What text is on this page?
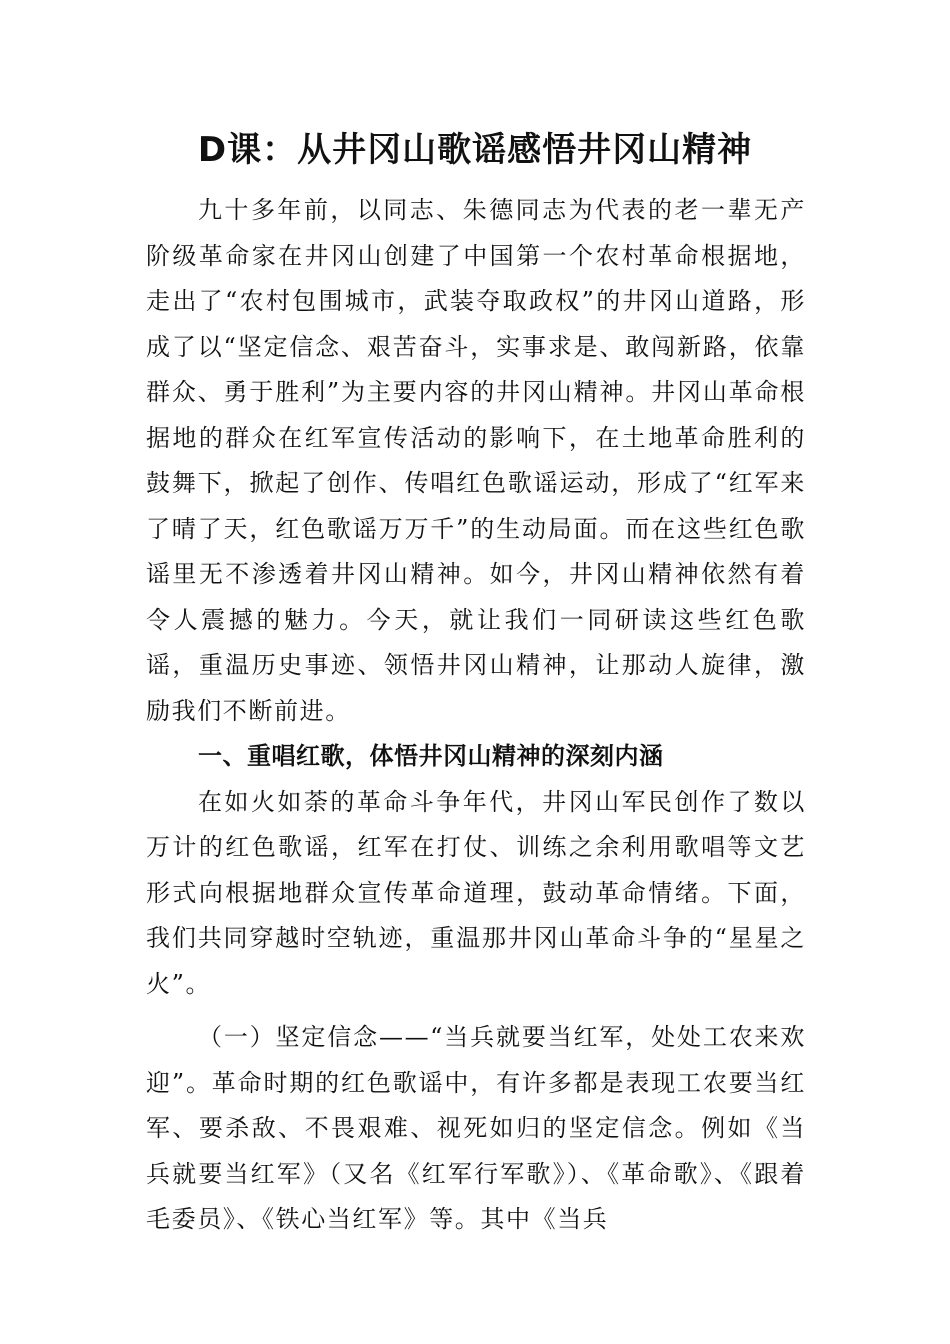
D课：从井冈山歌谣感悟井冈山精神

九十多年前，以同志、朱德同志为代表的老一辈无产阶级革命家在井冈山创建了中国第一个农村革命根据地，走出了“农村包围城市，武装夺取政权”的井冈山道路，形成了以“坚定信念、艰苦奋斗，实事求是、敢闯新路，依靠群众、勇于胜利”为主要内容的井冈山精神。井冈山革命根据地的群众在红军宣传活动的影响下，在土地革命胜利的鼓舞下，掀起了创作、传唱红色歌谣运动，形成了“红军来了晴了天，红色歌谣万万千”的生动局面。而在这些红色歌谣里无不渗透着井冈山精神。如今，井冈山精神依然有着令人震撼的魅力。今天，就让我们一同研读这些红色歌谣，重温历史事迹、领悟井冈山精神，让那动人旋律，激励我们不断前进。

一、重唱红歌，体悟井冈山精神的深刻内涵

在如火如荼的革命斗争年代，井冈山军民创作了数以万计的红色歌谣，红军在打仗、训练之余利用歌唱等文艺形式向根据地群众宣传革命道理，鼓动革命情绪。下面，我们共同穿越时空轨迹，重温那井冈山革命斗争的“星星之火”。

（一）坚定信念——“当兵就要当红军，处处工农来欢迎”。革命时期的红色歌谣中，有许多都是表现工农要当红军、要杀敌、不畏艰难、视死如归的坚定信念。例如《当兵就要当红军》（又名《红军行军歌》）、《革命歌》、《跟着毛委员》、《铁心当红军》等。其中《当兵
